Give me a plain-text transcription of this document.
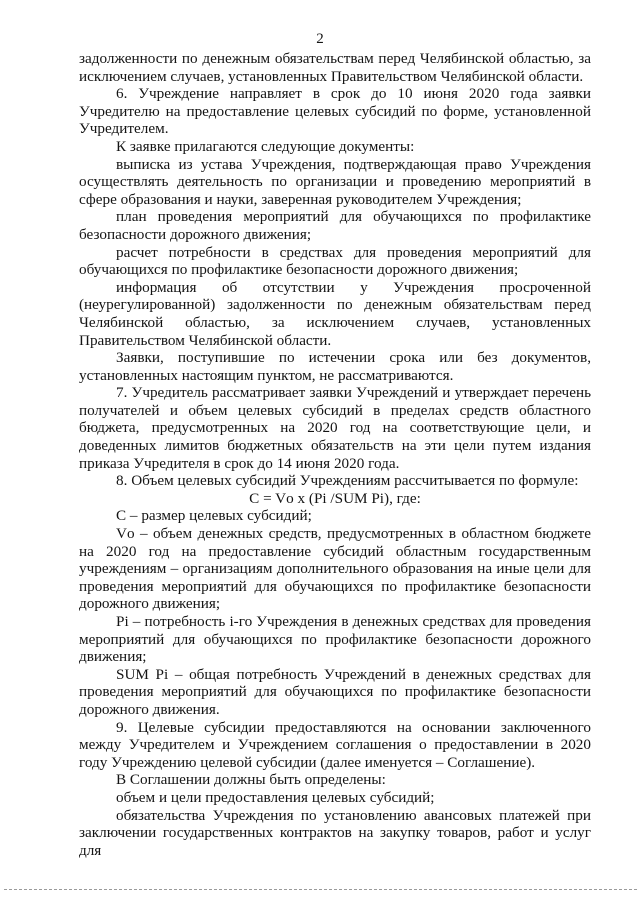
2

задолженности по денежным обязательствам перед Челябинской областью, за исключением случаев, установленных Правительством Челябинской области.

6. Учреждение направляет в срок до 10 июня 2020 года заявки Учредителю на предоставление целевых субсидий по форме, установленной Учредителем.

К заявке прилагаются следующие документы:

выписка из устава Учреждения, подтверждающая право Учреждения осуществлять деятельность по организации и проведению мероприятий в сфере образования и науки, заверенная руководителем Учреждения;

план проведения мероприятий для обучающихся по профилактике безопасности дорожного движения;

расчет потребности в средствах для проведения мероприятий для обучающихся по профилактике безопасности дорожного движения;

информация об отсутствии у Учреждения просроченной (неурегулированной) задолженности по денежным обязательствам перед Челябинской областью, за исключением случаев, установленных Правительством Челябинской области.

Заявки, поступившие по истечении срока или без документов, установленных настоящим пунктом, не рассматриваются.

7. Учредитель рассматривает заявки Учреждений и утверждает перечень получателей и объем целевых субсидий в пределах средств областного бюджета, предусмотренных на 2020 год на соответствующие цели, и доведенных лимитов бюджетных обязательств на эти цели путем издания приказа Учредителя в срок до 14 июня 2020 года.

8. Объем целевых субсидий Учреждениям рассчитывается по формуле:

C = Vо x (Pi /SUM Pi), где:

C – размер целевых субсидий;

Vо – объем денежных средств, предусмотренных в областном бюджете на 2020 год на предоставление субсидий областным государственным учреждениям – организациям дополнительного образования на иные цели для проведения мероприятий для обучающихся по профилактике безопасности дорожного движения;

Pi – потребность i-го Учреждения в денежных средствах для проведения мероприятий для обучающихся по профилактике безопасности дорожного движения;

SUM Pi – общая потребность Учреждений в денежных средствах для проведения мероприятий для обучающихся по профилактике безопасности дорожного движения.

9. Целевые субсидии предоставляются на основании заключенного между Учредителем и Учреждением соглашения о предоставлении в 2020 году Учреждению целевой субсидии (далее именуется – Соглашение).

В Соглашении должны быть определены:

объем и цели предоставления целевых субсидий;

обязательства Учреждения по установлению авансовых платежей при заключении государственных контрактов на закупку товаров, работ и услуг для
